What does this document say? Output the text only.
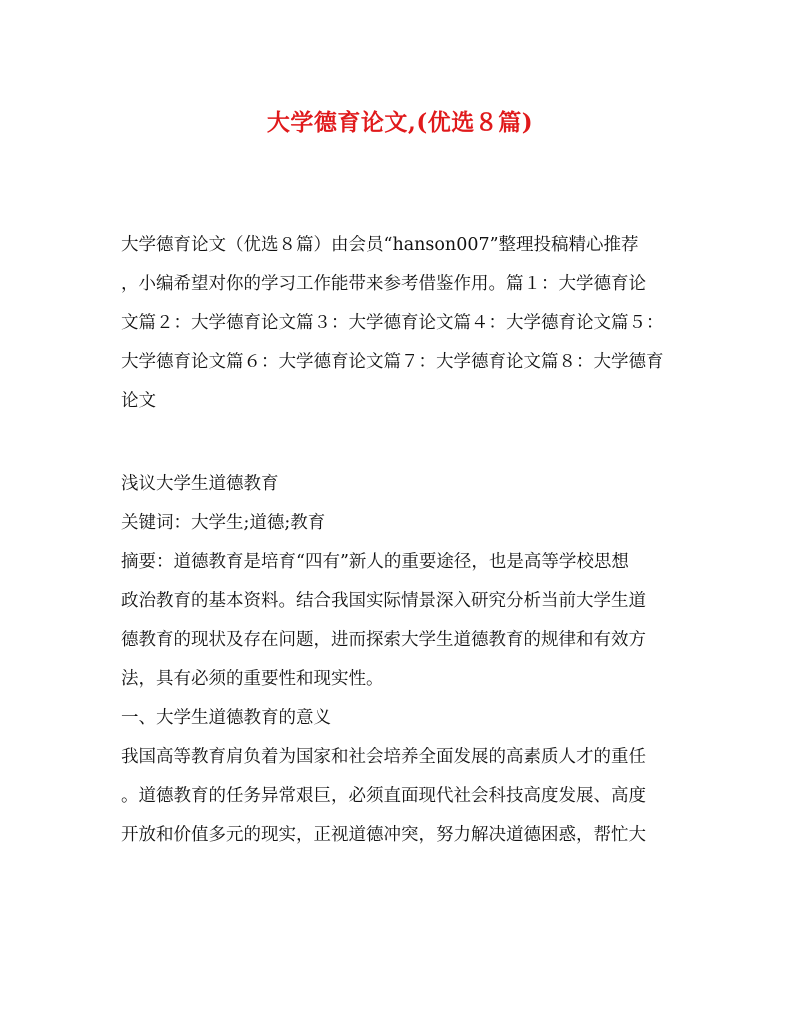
大学德育论文,(优选８篇)

大学德育论文（优选８篇）由会员“hanson007”整理投稿精心推荐

，小编希望对你的学习工作能带来参考借鉴作用。篇１：大学德育论

文篇２：大学德育论文篇３：大学德育论文篇４：大学德育论文篇５：

大学德育论文篇６：大学德育论文篇７：大学德育论文篇８：大学德育

论文

浅议大学生道德教育

关键词：大学生;道德;教育

摘要：道德教育是培育“四有”新人的重要途径，也是高等学校思想

政治教育的基本资料。结合我国实际情景深入研究分析当前大学生道

德教育的现状及存在问题，进而探索大学生道德教育的规律和有效方

法，具有必须的重要性和现实性。

一、大学生道德教育的意义

我国高等教育肩负着为国家和社会培养全面发展的高素质人才的重任

。道德教育的任务异常艰巨，必须直面现代社会科技高度发展、高度

开放和价值多元的现实，正视道德冲突，努力解决道德困惑，帮忙大
